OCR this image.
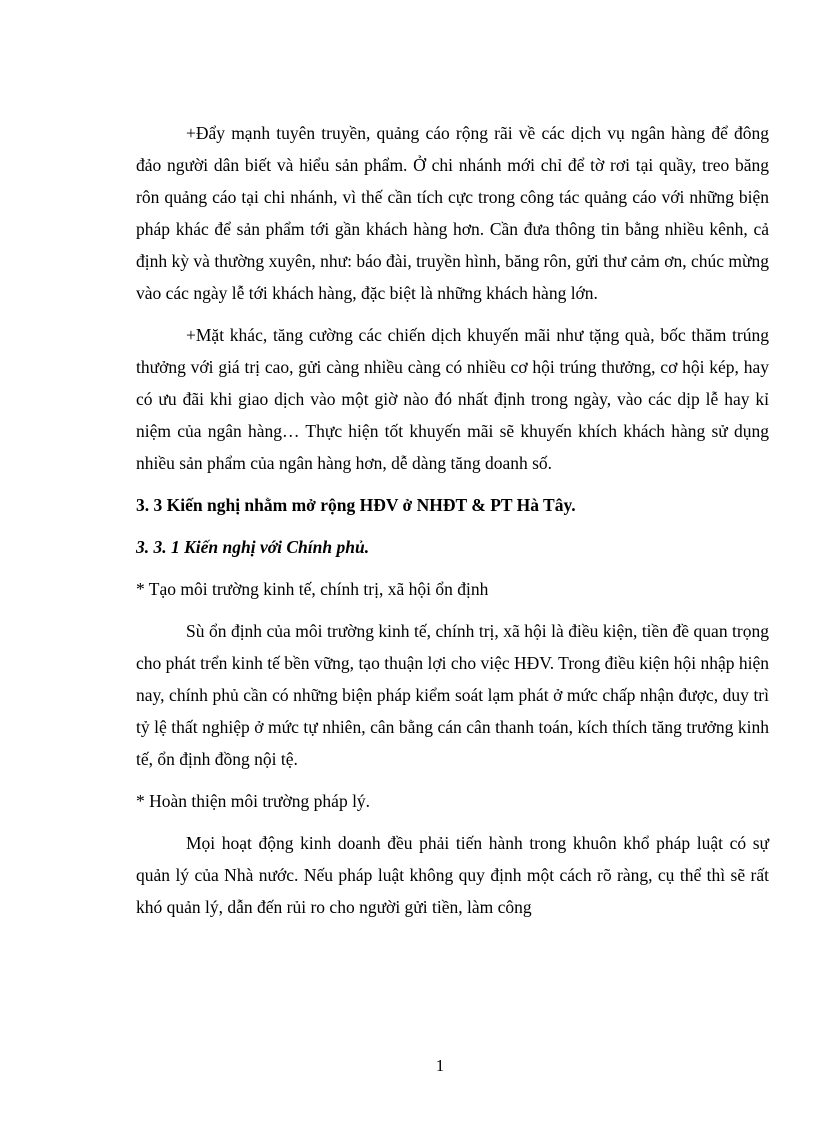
+Đẩy mạnh tuyên truyền, quảng cáo rộng rãi về các dịch vụ ngân hàng để đông đảo người dân biết và hiểu sản phẩm. Ở chi nhánh mới chỉ để tờ rơi tại quầy, treo băng rôn quảng cáo tại chi nhánh, vì thế cần tích cực trong công tác quảng cáo với những biện pháp khác để sản phẩm tới gần khách hàng hơn. Cần đưa thông tin bằng nhiều kênh, cả định kỳ và thường xuyên, như: báo đài, truyền hình, băng rôn, gửi thư cảm ơn, chúc mừng vào các ngày lễ tới khách hàng, đặc biệt là những khách hàng lớn.

+Mặt khác, tăng cường các chiến dịch khuyến mãi như tặng quà, bốc thăm trúng thưởng với giá trị cao, gửi càng nhiều càng có nhiều cơ hội trúng thưởng, cơ hội kép, hay có ưu đãi khi giao dịch vào một giờ nào đó nhất định trong ngày, vào các dịp lễ hay kỉ niệm của ngân hàng… Thực hiện tốt khuyến mãi sẽ khuyến khích khách hàng sử dụng nhiều sản phẩm của ngân hàng hơn, dễ dàng tăng doanh số.

3. 3 Kiến nghị nhằm mở rộng HĐV ở NHĐT & PT Hà Tây.

3. 3. 1 Kiến nghị với Chính phủ.

* Tạo môi trường kinh tế, chính trị, xã hội ổn định

Sù ổn định của môi trường kinh tế, chính trị, xã hội là điều kiện, tiền đề quan trọng cho phát trển kinh tế bền vững, tạo thuận lợi cho việc HĐV. Trong điều kiện hội nhập hiện nay, chính phủ cần có những biện pháp kiểm soát lạm phát ở mức chấp nhận được, duy trì tỷ lệ thất nghiệp ở mức tự nhiên, cân bằng cán cân thanh toán, kích thích tăng trưởng kinh tế, ổn định đồng nội tệ.

* Hoàn thiện môi trường pháp lý.

Mọi hoạt động kinh doanh đều phải tiến hành trong khuôn khổ pháp luật có sự quản lý của Nhà nước. Nếu pháp luật không quy định một cách rõ ràng, cụ thể thì sẽ rất khó quản lý, dẫn đến rủi ro cho người gửi tiền, làm công

1
